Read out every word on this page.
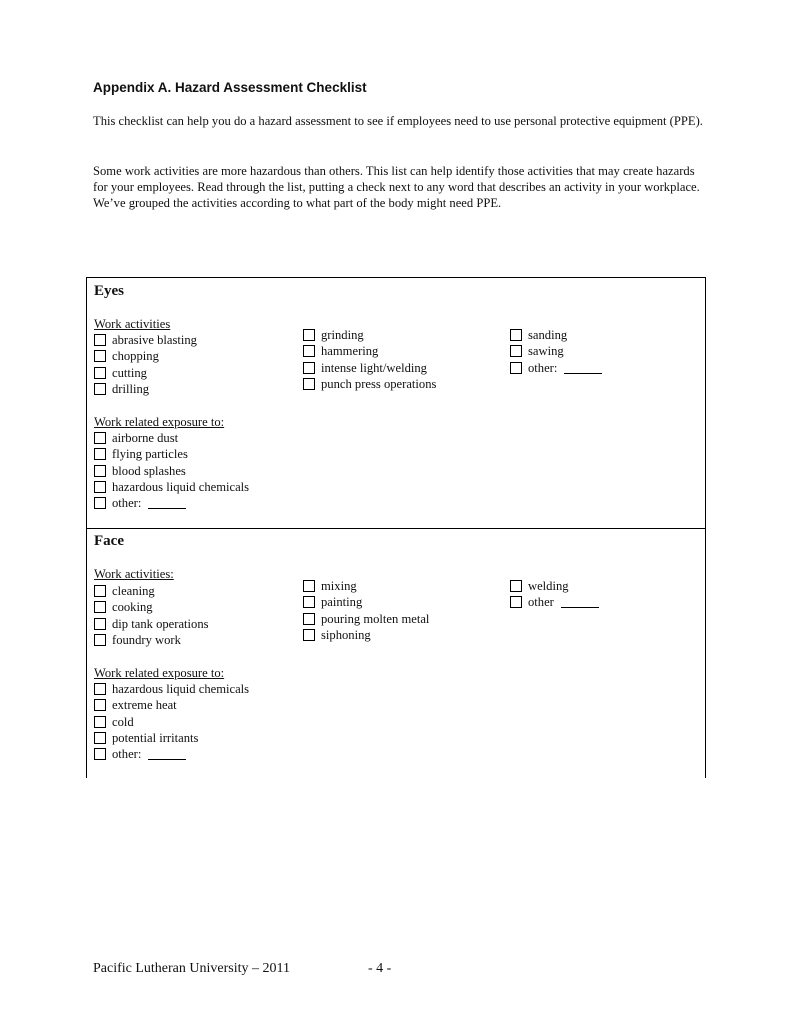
Appendix A. Hazard Assessment Checklist

This checklist can help you do a hazard assessment to see if employees need to use personal protective equipment (PPE).

Some work activities are more hazardous than others. This list can help identify those activities that may create hazards for your employees. Read through the list, putting a check next to any word that describes an activity in your workplace. We’ve grouped the activities according to what part of the body might need PPE.

Eyes
Work activities
abrasive blasting
chopping
cutting
drilling
grinding
hammering
intense light/welding
punch press operations
sanding
sawing
other:
Work related exposure to:
airborne dust
flying particles
blood splashes
hazardous liquid chemicals
other:
Face
Work activities:
cleaning
cooking
dip tank operations
foundry work
mixing
painting
pouring molten metal
siphoning
welding
other
Work related exposure to:
hazardous liquid chemicals
extreme heat
cold
potential irritants
other:
Pacific Lutheran University – 2011	- 4 -
